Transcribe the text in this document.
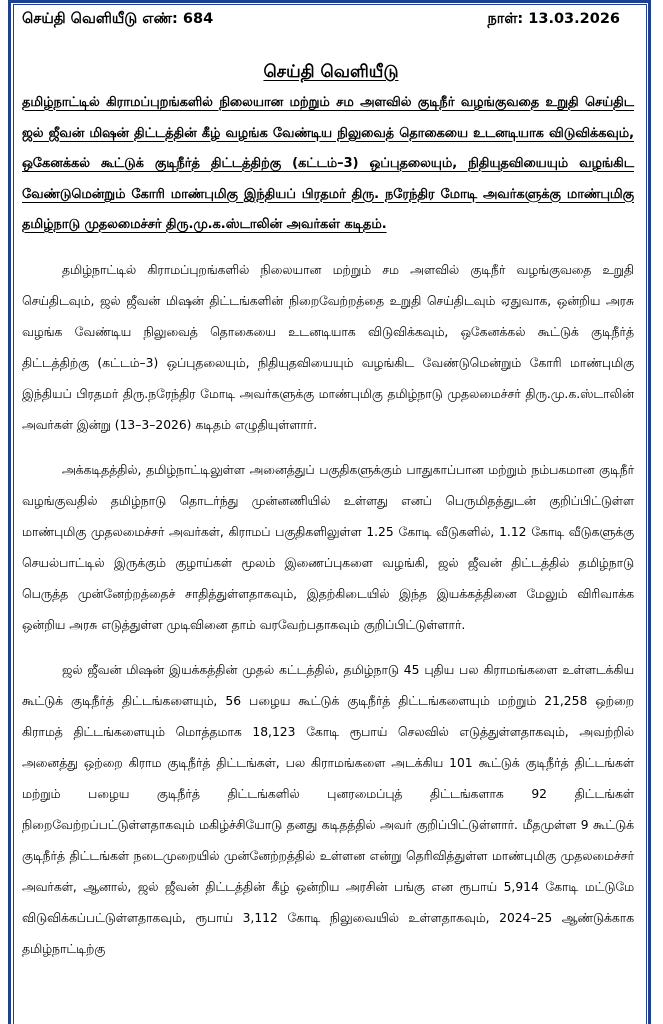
செய்தி வெளியீடு எண்: 684	நாள்: 13.03.2026
செய்தி வெளியீடு
தமிழ்நாட்டில் கிராமப்புறங்களில் நிலையான மற்றும் சம அளவில் குடிநீர் வழங்குவதை உறுதி செய்திட ஜல் ஜீவன் மிஷன் திட்டத்தின் கீழ் வழங்க வேண்டிய நிலுவைத் தொகையை உடனடியாக விடுவிக்கவும், ஒகேனக்கல் கூட்டுக் குடிநீர்த் திட்டத்திற்கு (கட்டம்–3) ஒப்புதலையும், நிதியுதவியையும் வழங்கிட வேண்டுமென்றும் கோரி மாண்புமிகு இந்தியப் பிரதமர் திரு. நரேந்திர மோடி அவர்களுக்கு மாண்புமிகு தமிழ்நாடு முதலமைச்சர் திரு.மு.க.ஸ்டாலின் அவர்கள் கடிதம்.

தமிழ்நாட்டில் கிராமப்புறங்களில் நிலையான மற்றும் சம அளவில் குடிநீர் வழங்குவதை உறுதி செய்திடவும், ஜல் ஜீவன் மிஷன் திட்டங்களின் நிறைவேற்றத்தை உறுதி செய்திடவும் ஏதுவாக, ஒன்றிய அரசு வழங்க வேண்டிய நிலுவைத் தொகையை உடனடியாக விடுவிக்கவும், ஒகேனக்கல் கூட்டுக் குடிநீர்த் திட்டத்திற்கு (கட்டம்–3) ஒப்புதலையும், நிதியுதவியையும் வழங்கிட வேண்டுமென்றும் கோரி மாண்புமிகு இந்தியப் பிரதமர் திரு.நரேந்திர மோடி அவர்களுக்கு மாண்புமிகு தமிழ்நாடு முதலமைச்சர் திரு.மு.க.ஸ்டாலின் அவர்கள் இன்று (13–3–2026) கடிதம் எழுதியுள்ளார்.

அக்கடிதத்தில், தமிழ்நாட்டிலுள்ள அனைத்துப் பகுதிகளுக்கும் பாதுகாப்பான மற்றும் நம்பகமான குடிநீர் வழங்குவதில் தமிழ்நாடு தொடர்ந்து முன்னணியில் உள்ளது எனப் பெருமிதத்துடன் குறிப்பிட்டுள்ள மாண்புமிகு முதலமைச்சர் அவர்கள், கிராமப் பகுதிகளிலுள்ள 1.25 கோடி வீடுகளில், 1.12 கோடி வீடுகளுக்கு செயல்பாட்டில் இருக்கும் குழாய்கள் மூலம் இணைப்புகளை வழங்கி, ஜல் ஜீவன் திட்டத்தில் தமிழ்நாடு பெருத்த முன்னேற்றத்தைச் சாதித்துள்ளதாகவும், இதற்கிடையில் இந்த இயக்கத்தினை மேலும் விரிவாக்க ஒன்றிய அரசு எடுத்துள்ள முடிவினை தாம் வரவேற்பதாகவும் குறிப்பிட்டுள்ளார்.

ஜல் ஜீவன் மிஷன் இயக்கத்தின் முதல் கட்டத்தில், தமிழ்நாடு 45 புதிய பல கிராமங்களை உள்ளடக்கிய கூட்டுக் குடிநீர்த் திட்டங்களையும், 56 பழைய கூட்டுக் குடிநீர்த் திட்டங்களையும் மற்றும் 21,258 ஒற்றை கிராமத் திட்டங்களையும் மொத்தமாக 18,123 கோடி ரூபாய் செலவில் எடுத்துள்ளதாகவும், அவற்றில் அனைத்து ஒற்றை கிராம குடிநீர்த் திட்டங்கள், பல கிராமங்களை அடக்கிய 101 கூட்டுக் குடிநீர்த் திட்டங்கள் மற்றும் பழைய குடிநீர்த் திட்டங்களில் புனரமைப்புத் திட்டங்களாக 92 திட்டங்கள் நிறைவேற்றப்பட்டுள்ளதாகவும் மகிழ்ச்சியோடு தனது கடிதத்தில் அவர் குறிப்பிட்டுள்ளார். மீதமுள்ள 9 கூட்டுக் குடிநீர்த் திட்டங்கள் நடைமுறையில் முன்னேற்றத்தில் உள்ளன என்று தெரிவித்துள்ள மாண்புமிகு முதலமைச்சர் அவர்கள், ஆனால், ஜல் ஜீவன் திட்டத்தின் கீழ் ஒன்றிய அரசின் பங்கு என ரூபாய் 5,914 கோடி மட்டுமே விடுவிக்கப்பட்டுள்ளதாகவும், ரூபாய் 3,112 கோடி நிலுவையில் உள்ளதாகவும், 2024–25 ஆண்டுக்காக தமிழ்நாட்டிற்கு
